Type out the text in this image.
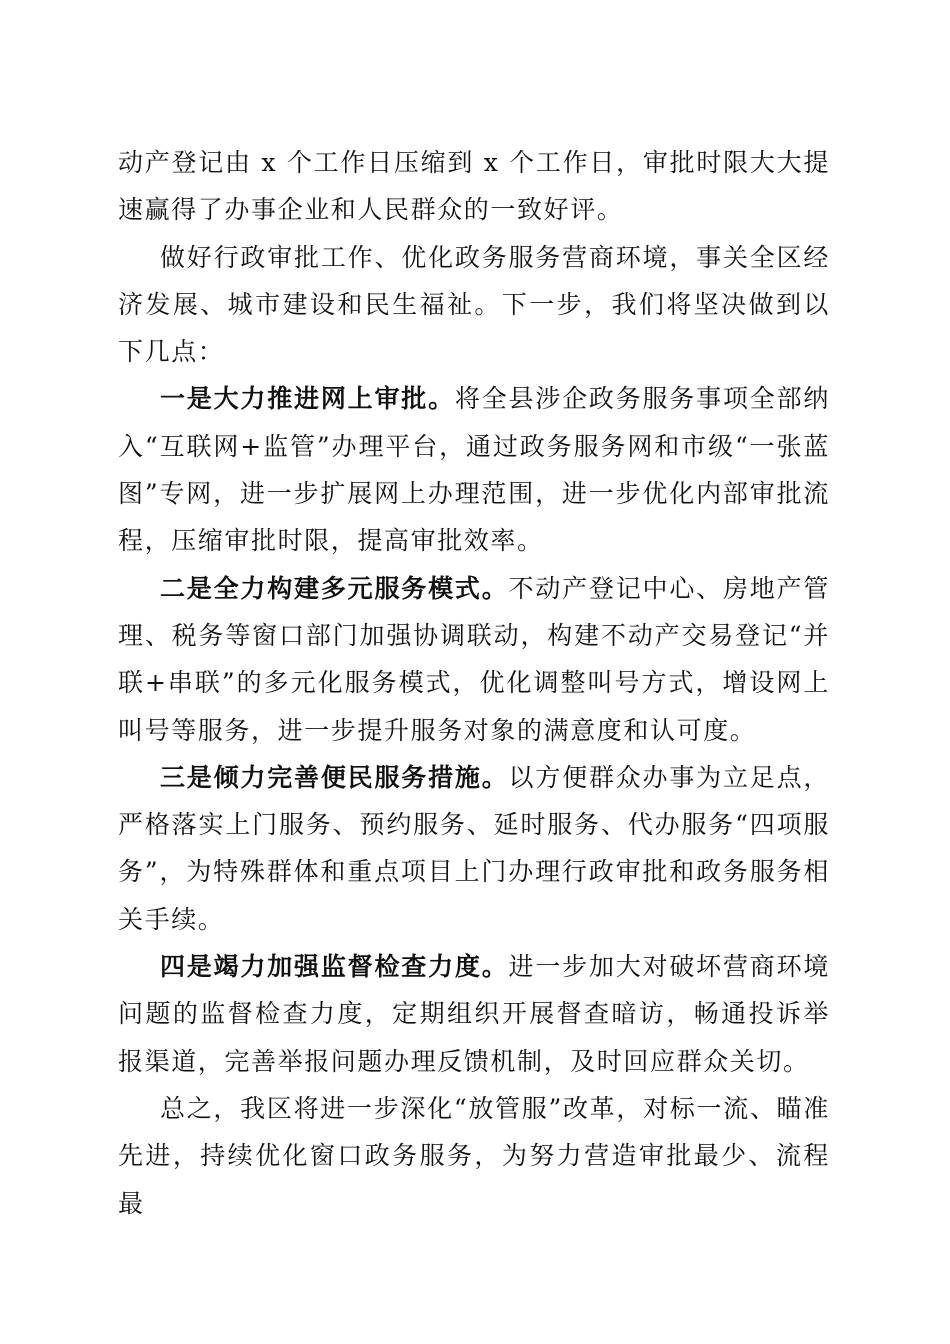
动产登记由 x 个工作日压缩到 x 个工作日，审批时限大大提速赢得了办事企业和人民群众的一致好评。

做好行政审批工作、优化政务服务营商环境，事关全区经济发展、城市建设和民生福祉。下一步，我们将坚决做到以下几点：

一是大力推进网上审批。将全县涉企政务服务事项全部纳入“互联网+监管”办理平台，通过政务服务网和市级“一张蓝图”专网，进一步扩展网上办理范围，进一步优化内部审批流程，压缩审批时限，提高审批效率。

二是全力构建多元服务模式。不动产登记中心、房地产管理、税务等窗口部门加强协调联动，构建不动产交易登记“并联+串联”的多元化服务模式，优化调整叫号方式，增设网上叫号等服务，进一步提升服务对象的满意度和认可度。

三是倾力完善便民服务措施。以方便群众办事为立足点，严格落实上门服务、预约服务、延时服务、代办服务“四项服务”，为特殊群体和重点项目上门办理行政审批和政务服务相关手续。

四是竭力加强监督检查力度。进一步加大对破坏营商环境问题的监督检查力度，定期组织开展督查暗访，畅通投诉举报渠道，完善举报问题办理反馈机制，及时回应群众关切。

总之，我区将进一步深化“放管服”改革，对标一流、瞄准先进，持续优化窗口政务服务，为努力营造审批最少、流程最
